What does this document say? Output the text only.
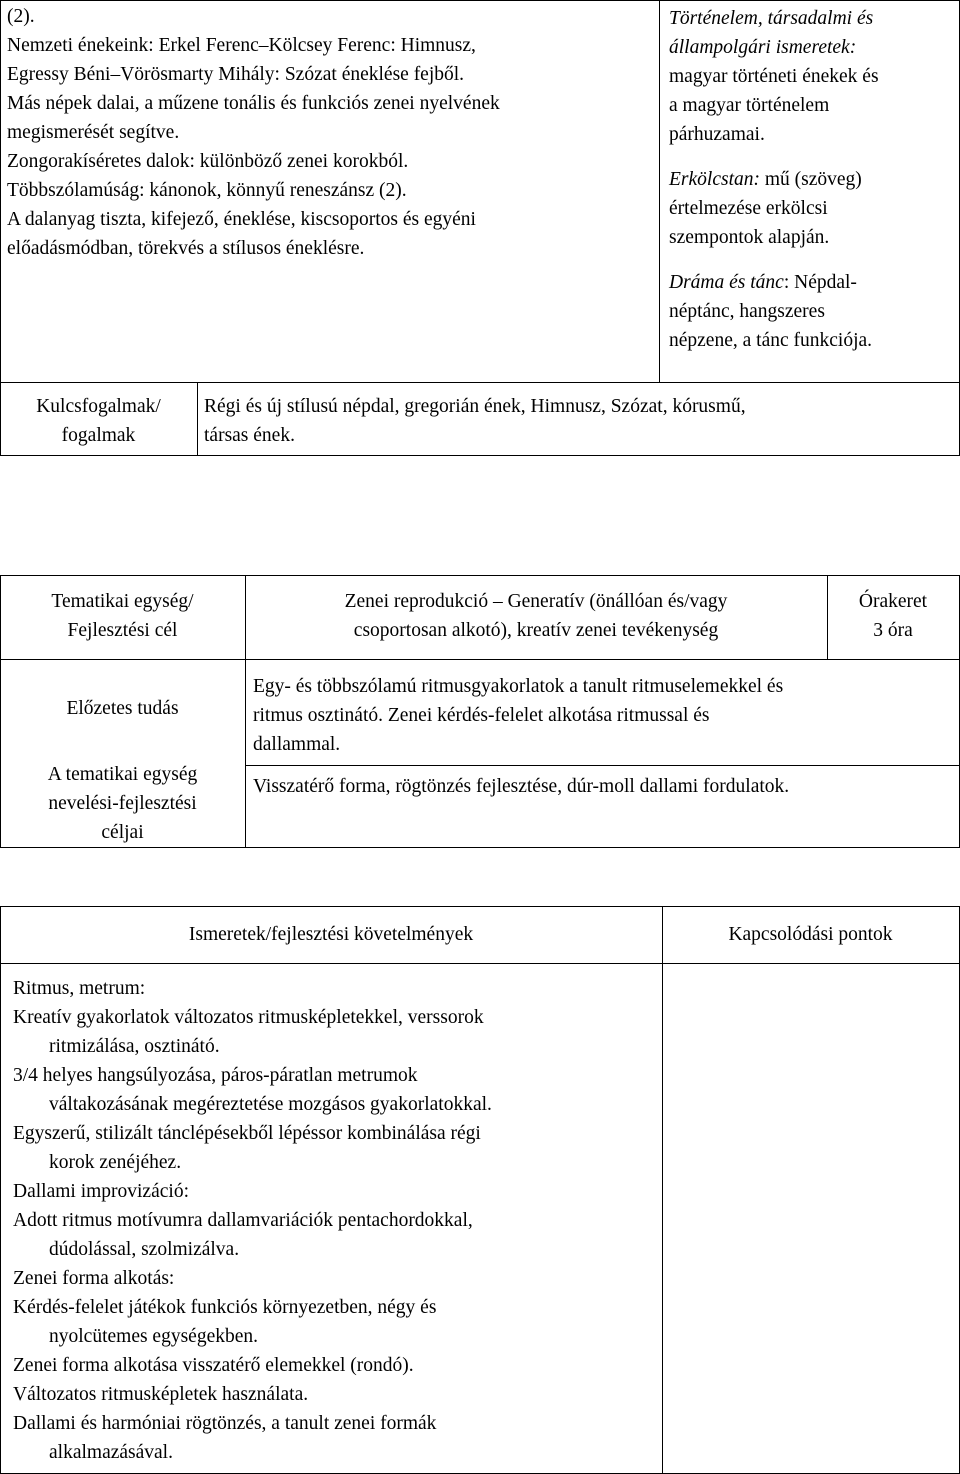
(2).
Nemzeti énekeink: Erkel Ferenc–Kölcsey Ferenc: Himnusz,
Egressy Béni–Vörösmarty Mihály: Szózat éneklése fejből.
Más népek dalai, a műzene tonális és funkciós zenei nyelvének
megismerését segítve.
Zongorakíséretes dalok: különböző zenei korokból.
Többszólamúság: kánonok, könnyű reneszánsz (2).
A dalanyag tiszta, kifejező, éneklése, kiscsoportos és egyéni
előadásmódban, törekvés a stílusos éneklésre.
Történelem, társadalmi és
állampolgári ismeretek:
magyar történeti énekek és
a magyar történelem
párhuzamai.
Erkölcstan: mű (szöveg)
értelmezése erkölcsi
szempontok alapján.
Dráma és tánc: Népdal-
néptánc, hangszeres
népzene, a tánc funkciója.
Kulcsfogalmak/
fogalmak
Régi és új stílusú népdal, gregorián ének, Himnusz, Szózat, kórusmű,
társas ének.
Tematikai egység/
Fejlesztési cél
Zenei reprodukció – Generatív (önállóan és/vagy
csoportosan alkotó), kreatív zenei tevékenység
Órakeret
3 óra
Előzetes tudás
Egy- és többszólamú ritmusgyakorlatok a tanult ritmuselemekkel és
ritmus osztinátó. Zenei kérdés-felelet alkotása ritmussal és
dallammal.
A tematikai egység
nevelési-fejlesztési
céljai
Visszatérő forma, rögtönzés fejlesztése, dúr-moll dallami fordulatok.
Ismeretek/fejlesztési követelmények	Kapcsolódási pontok
Ritmus, metrum:
Kreatív gyakorlatok változatos ritmusképletekkel, verssorok
ritmizálása, osztinátó.
3/4 helyes hangsúlyozása, páros-páratlan metrumok
váltakozásának megéreztetése mozgásos gyakorlatokkal.
Egyszerű, stilizált tánclépésekből lépéssor kombinálása régi
korok zenéjéhez.
Dallami improvizáció:
Adott ritmus motívumra dallamvariációk pentachordokkal,
dúdolással, szolmizálva.
Zenei forma alkotás:
Kérdés-felelet játékok funkciós környezetben, négy és
nyolcütemes egységekben.
Zenei forma alkotása visszatérő elemekkel (rondó).
Változatos ritmusképletek használata.
Dallami és harmóniai rögtönzés, a tanult zenei formák
alkalmazásával.
